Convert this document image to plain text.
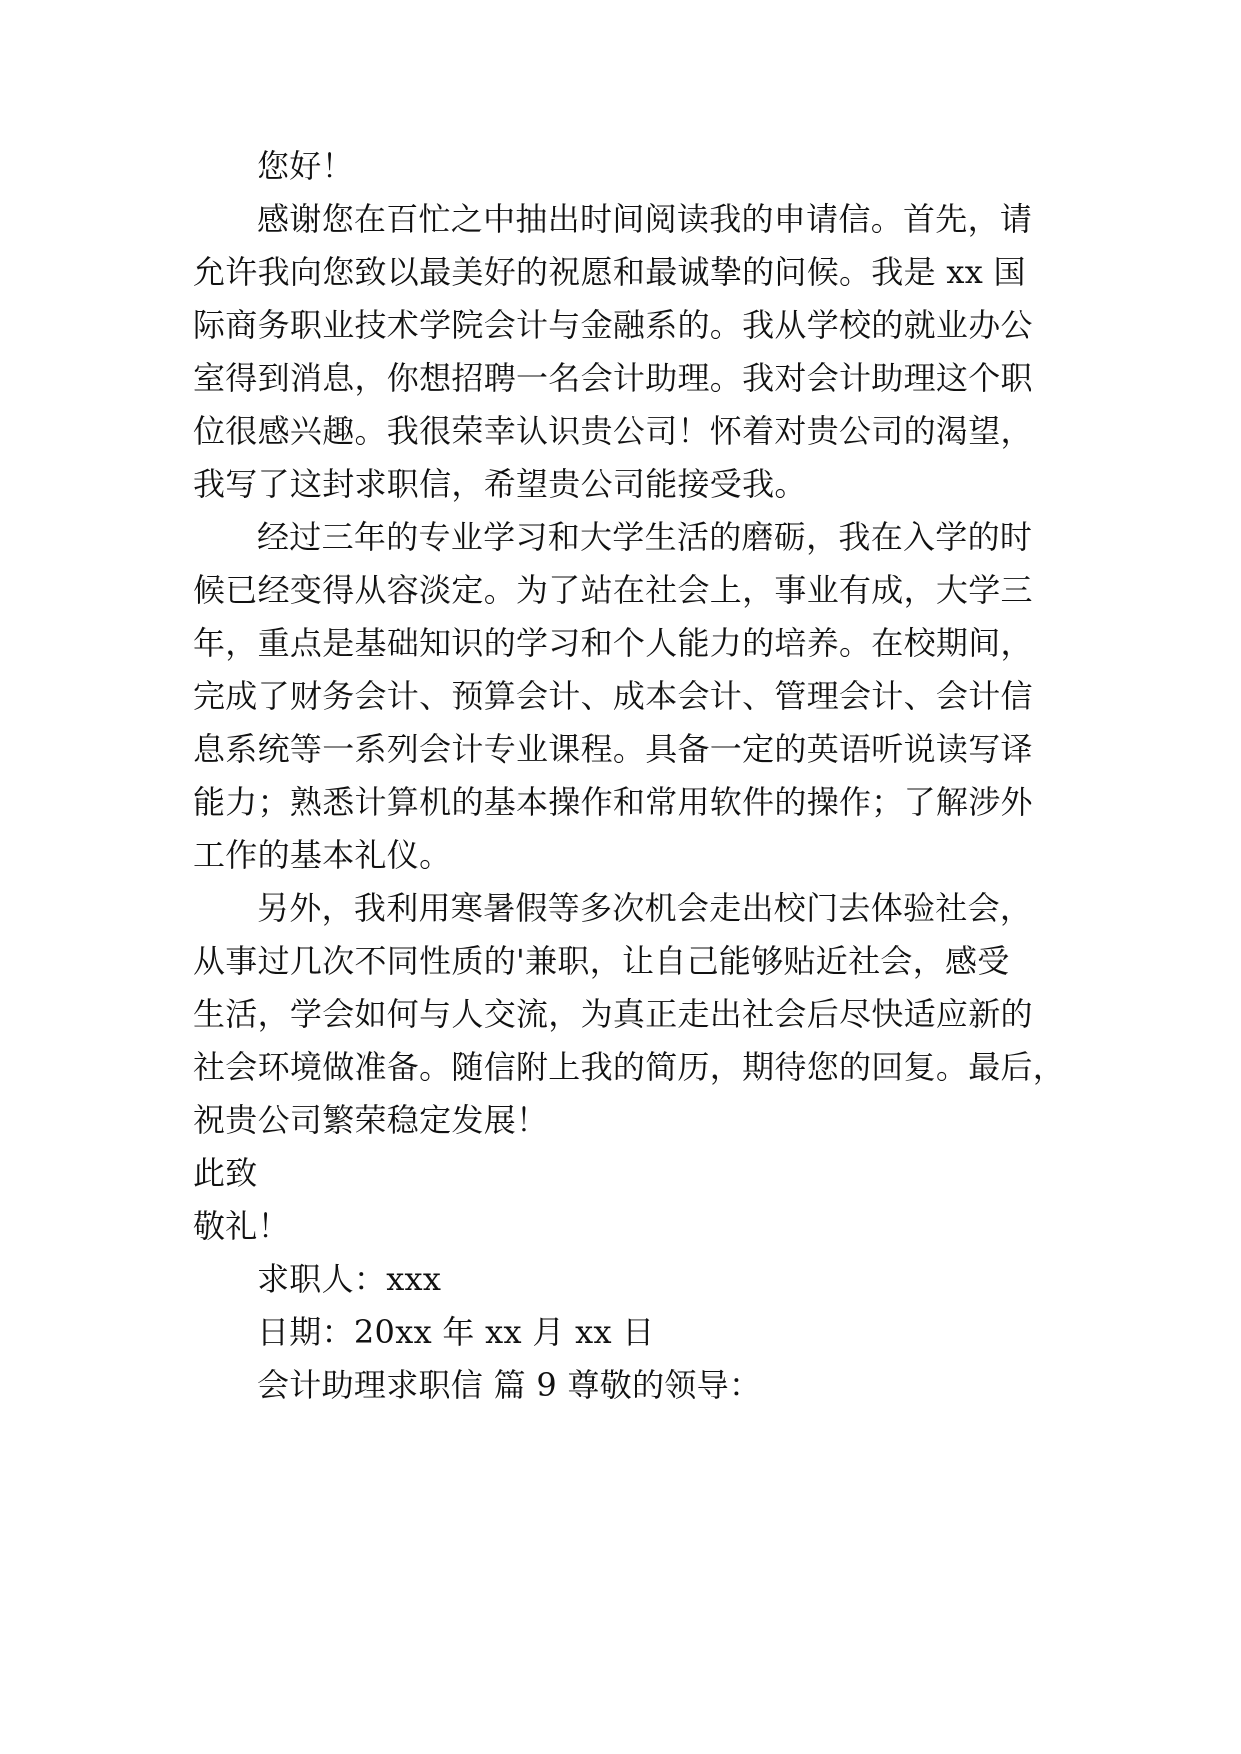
您好！
感谢您在百忙之中抽出时间阅读我的申请信。首先，请
允许我向您致以最美好的祝愿和最诚挚的问候。我是 xx 国
际商务职业技术学院会计与金融系的。我从学校的就业办公
室得到消息，你想招聘一名会计助理。我对会计助理这个职
位很感兴趣。我很荣幸认识贵公司！怀着对贵公司的渴望，
我写了这封求职信，希望贵公司能接受我。
经过三年的专业学习和大学生活的磨砺，我在入学的时
候已经变得从容淡定。为了站在社会上，事业有成，大学三
年，重点是基础知识的学习和个人能力的培养。在校期间，
完成了财务会计、预算会计、成本会计、管理会计、会计信
息系统等一系列会计专业课程。具备一定的英语听说读写译
能力；熟悉计算机的基本操作和常用软件的操作；了解涉外
工作的基本礼仪。
另外，我利用寒暑假等多次机会走出校门去体验社会，
从事过几次不同性质的'兼职，让自己能够贴近社会，感受
生活，学会如何与人交流，为真正走出社会后尽快适应新的
社会环境做准备。随信附上我的简历，期待您的回复。最后，
祝贵公司繁荣稳定发展！
此致
敬礼！
求职人：xxx
日期：20xx 年 xx 月 xx 日
会计助理求职信 篇 9 尊敬的领导：
